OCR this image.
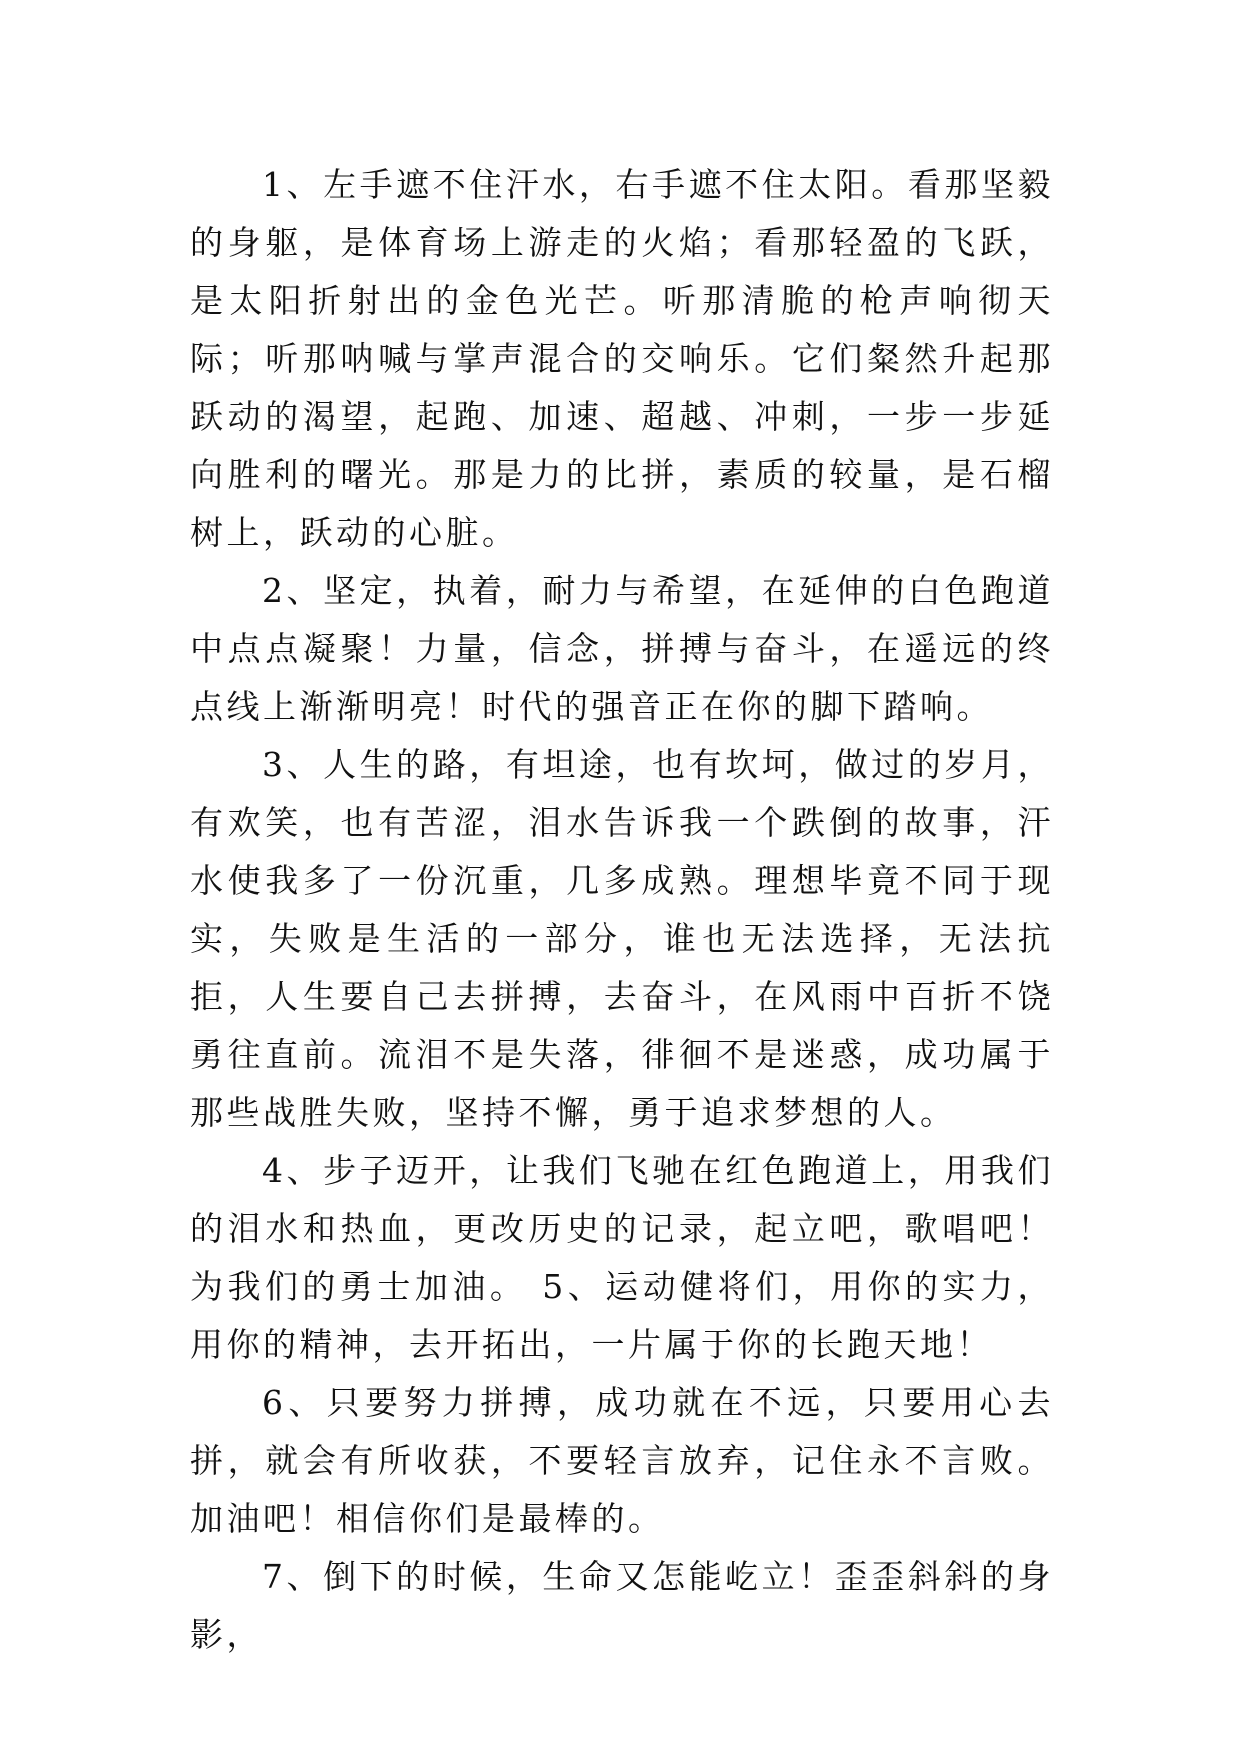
1、左手遮不住汗水，右手遮不住太阳。看那坚毅的身躯，是体育场上游走的火焰；看那轻盈的飞跃，是太阳折射出的金色光芒。听那清脆的枪声响彻天际；听那呐喊与掌声混合的交响乐。它们粲然升起那跃动的渴望，起跑、加速、超越、冲刺，一步一步延向胜利的曙光。那是力的比拼，素质的较量，是石榴树上，跃动的心脏。

2、坚定，执着，耐力与希望，在延伸的白色跑道中点点凝聚！力量，信念，拼搏与奋斗，在遥远的终点线上渐渐明亮！时代的强音正在你的脚下踏响。

3、人生的路，有坦途，也有坎坷，做过的岁月，有欢笑，也有苦涩，泪水告诉我一个跌倒的故事，汗水使我多了一份沉重，几多成熟。理想毕竟不同于现实，失败是生活的一部分，谁也无法选择，无法抗拒，人生要自己去拼搏，去奋斗，在风雨中百折不饶勇往直前。流泪不是失落，徘徊不是迷惑，成功属于那些战胜失败，坚持不懈，勇于追求梦想的人。

4、步子迈开，让我们飞驰在红色跑道上，用我们的泪水和热血，更改历史的记录，起立吧，歌唱吧！为我们的勇士加油。 5、运动健将们，用你的实力，用你的精神，去开拓出，一片属于你的长跑天地！

6、只要努力拼搏，成功就在不远，只要用心去拼，就会有所收获，不要轻言放弃，记住永不言败。加油吧！相信你们是最棒的。

7、倒下的时候，生命又怎能屹立！歪歪斜斜的身影，
